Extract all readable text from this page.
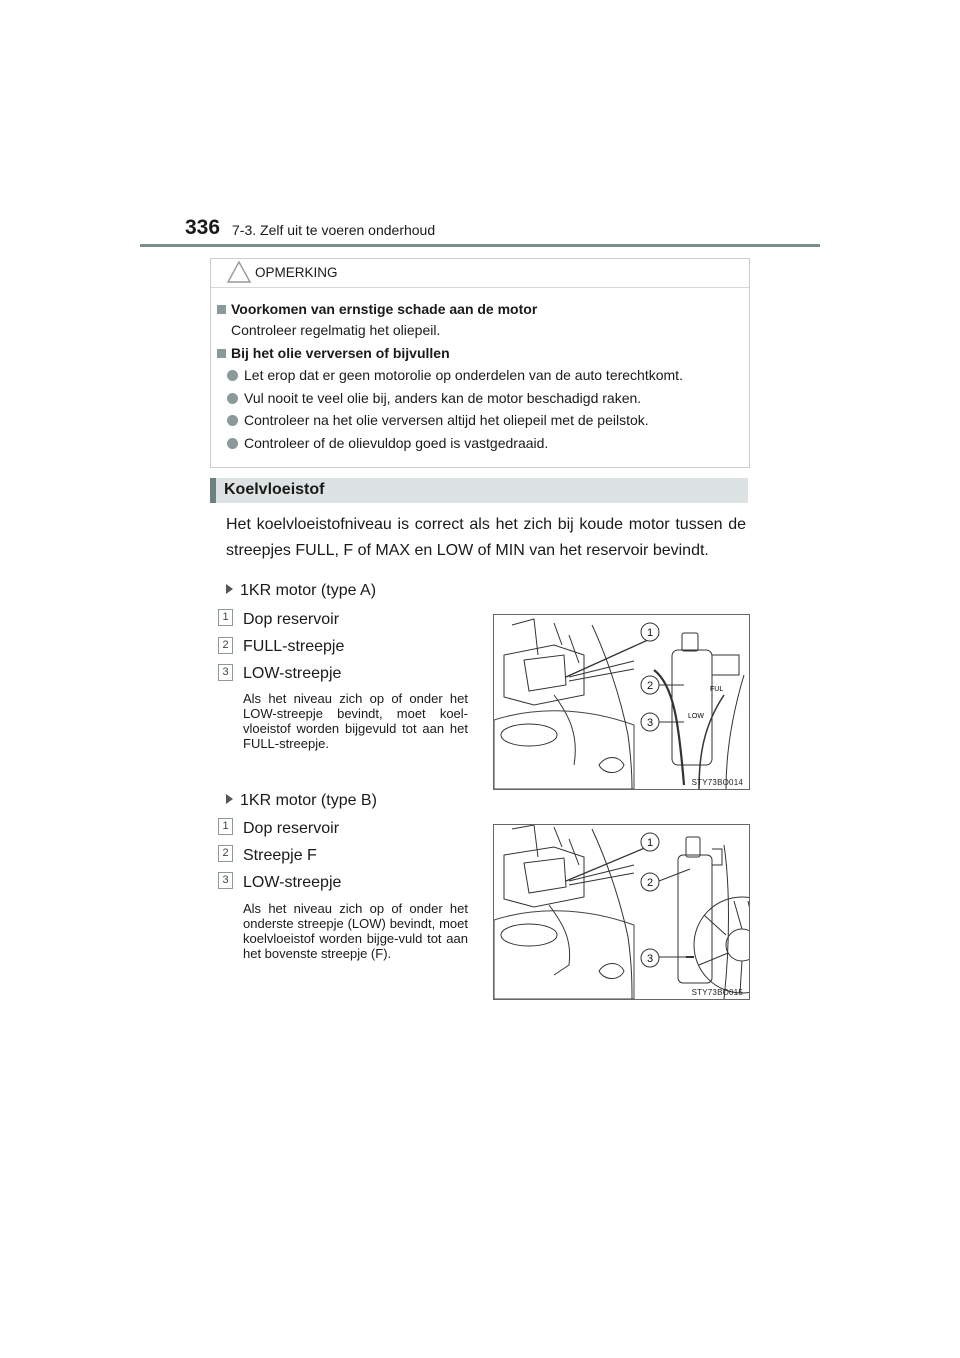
336 7-3. Zelf uit te voeren onderhoud
OPMERKING
Voorkomen van ernstige schade aan de motor
Controleer regelmatig het oliepeil.
Bij het olie verversen of bijvullen
Let erop dat er geen motorolie op onderdelen van de auto terechtkomt.
Vul nooit te veel olie bij, anders kan de motor beschadigd raken.
Controleer na het olie verversen altijd het oliepeil met de peilstok.
Controleer of de olievuldop goed is vastgedraaid.
Koelvloeistof
Het koelvloeistofniveau is correct als het zich bij koude motor tussen de streepjes FULL, F of MAX en LOW of MIN van het reservoir bevindt.
1KR motor (type A)
1 Dop reservoir
2 FULL-streepje
3 LOW-streepje
Als het niveau zich op of onder het LOW-streepje bevindt, moet koel-vloeistof worden bijgevuld tot aan het FULL-streepje.
FUL
LOW
1
2
3
STY73BO014
1KR motor (type B)
1 Dop reservoir
2 Streepje F
3 LOW-streepje
Als het niveau zich op of onder het onderste streepje (LOW) bevindt, moet koelvloeistof worden bijge-vuld tot aan het bovenste streepje (F).
1
2
3
STY73BO015
